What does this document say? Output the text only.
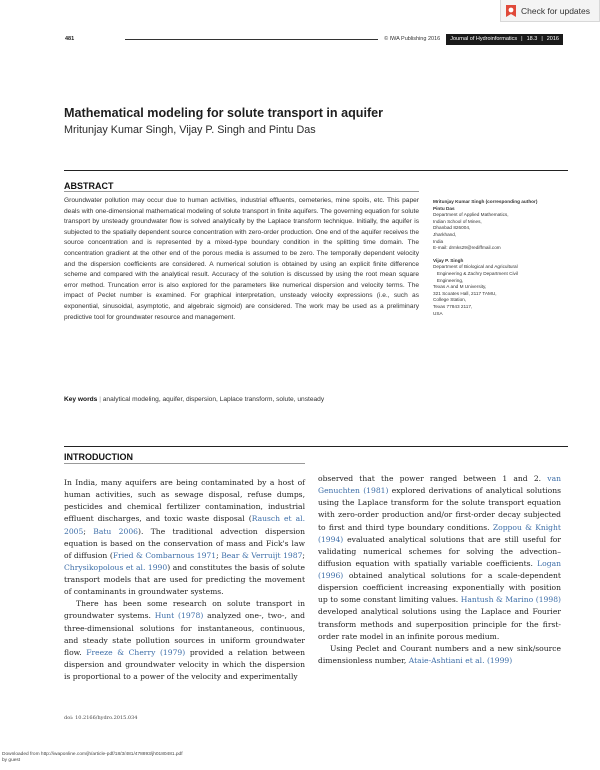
Check for updates
481	© IWA Publishing 2016 Journal of Hydroinformatics | 18.3 | 2016
Mathematical modeling for solute transport in aquifer
Mritunjay Kumar Singh, Vijay P. Singh and Pintu Das
ABSTRACT
Groundwater pollution may occur due to human activities, industrial effluents, cemeteries, mine spoils, etc. This paper deals with one-dimensional mathematical modeling of solute transport in finite aquifers. The governing equation for solute transport by unsteady groundwater flow is solved analytically by the Laplace transform technique. Initially, the aquifer is subjected to the spatially dependent source concentration with zero-order production. One end of the aquifer receives the source concentration and is represented by a mixed-type boundary condition in the splitting time domain. The concentration gradient at the other end of the porous media is assumed to be zero. The temporally dependent velocity and the dispersion coefficients are considered. A numerical solution is obtained by using an explicit finite difference scheme and compared with the analytical result. Accuracy of the solution is discussed by using the root mean square error method. Truncation error is also explored for the parameters like numerical dispersion and velocity terms. The impact of Peclet number is examined. For graphical interpretation, unsteady velocity expressions (i.e., such as exponential, sinusoidal, asymptotic, and algebraic sigmoid) are considered. The work may be used as a preliminary predictive tool for groundwater resource and management.
Key words | analytical modeling, aquifer, dispersion, Laplace transform, solute, unsteady
Mritunjay Kumar Singh (corresponding author)
Pintu Das
Department of Applied Mathematics,
Indian School of Mines,
Dhanbad 826004,
Jharkhand,
India
E-mail: drmks29@rediffmail.com
Vijay P. Singh
Department of Biological and Agricultural
Engineering & Zachry Department Civil
Engineering,
Texas A and M University,
321 Scoates Hall, 2117 TAMU,
College Station,
Texas 77843 2117,
USA
INTRODUCTION

In India, many aquifers are being contaminated by a host of human activities, such as sewage disposal, refuse dumps, pesticides and chemical fertilizer contamination, industrial effluent discharges, and toxic waste disposal (Rausch et al. 2005; Batu 2006). The traditional advection dispersion equation is based on the conservation of mass and Fick's law of diffusion (Fried & Combarnous 1971; Bear & Verruijt 1987; Chrysikopolous et al. 1990) and constitutes the basis of solute transport models that are used for predicting the movement of contaminants in groundwater systems.

There has been some research on solute transport in groundwater systems. Hunt (1978) analyzed one-, two-, and three-dimensional solutions for instantaneous, continuous, and steady state pollution sources in uniform groundwater flow. Freeze & Cherry (1979) provided a relation between dispersion and groundwater velocity in which the dispersion is proportional to a power of the velocity and experimentally

observed that the power ranged between 1 and 2. van Genuchten (1981) explored derivations of analytical solutions using the Laplace transform for the solute transport equation with zero-order production and/or first-order decay subjected to first and third type boundary conditions. Zoppou & Knight (1994) evaluated analytical solutions that are still useful for validating numerical schemes for solving the advection–diffusion equation with spatially variable coefficients. Logan (1996) obtained analytical solutions for a scale-dependent dispersion coefficient increasing exponentially with position up to some constant limiting values. Hantush & Marino (1998) developed analytical solutions using the Laplace and Fourier transform methods and superposition principle for the first-order rate model in an infinite porous medium.

Using Peclet and Courant numbers and a new sink/source dimensionless number, Ataie-Ashtiani et al. (1999)

doi: 10.2166/hydro.2015.034
Downloaded from http://iwaponline.com/jh/article-pdf/18/3/481/478893/jh0180481.pdf
by guest
